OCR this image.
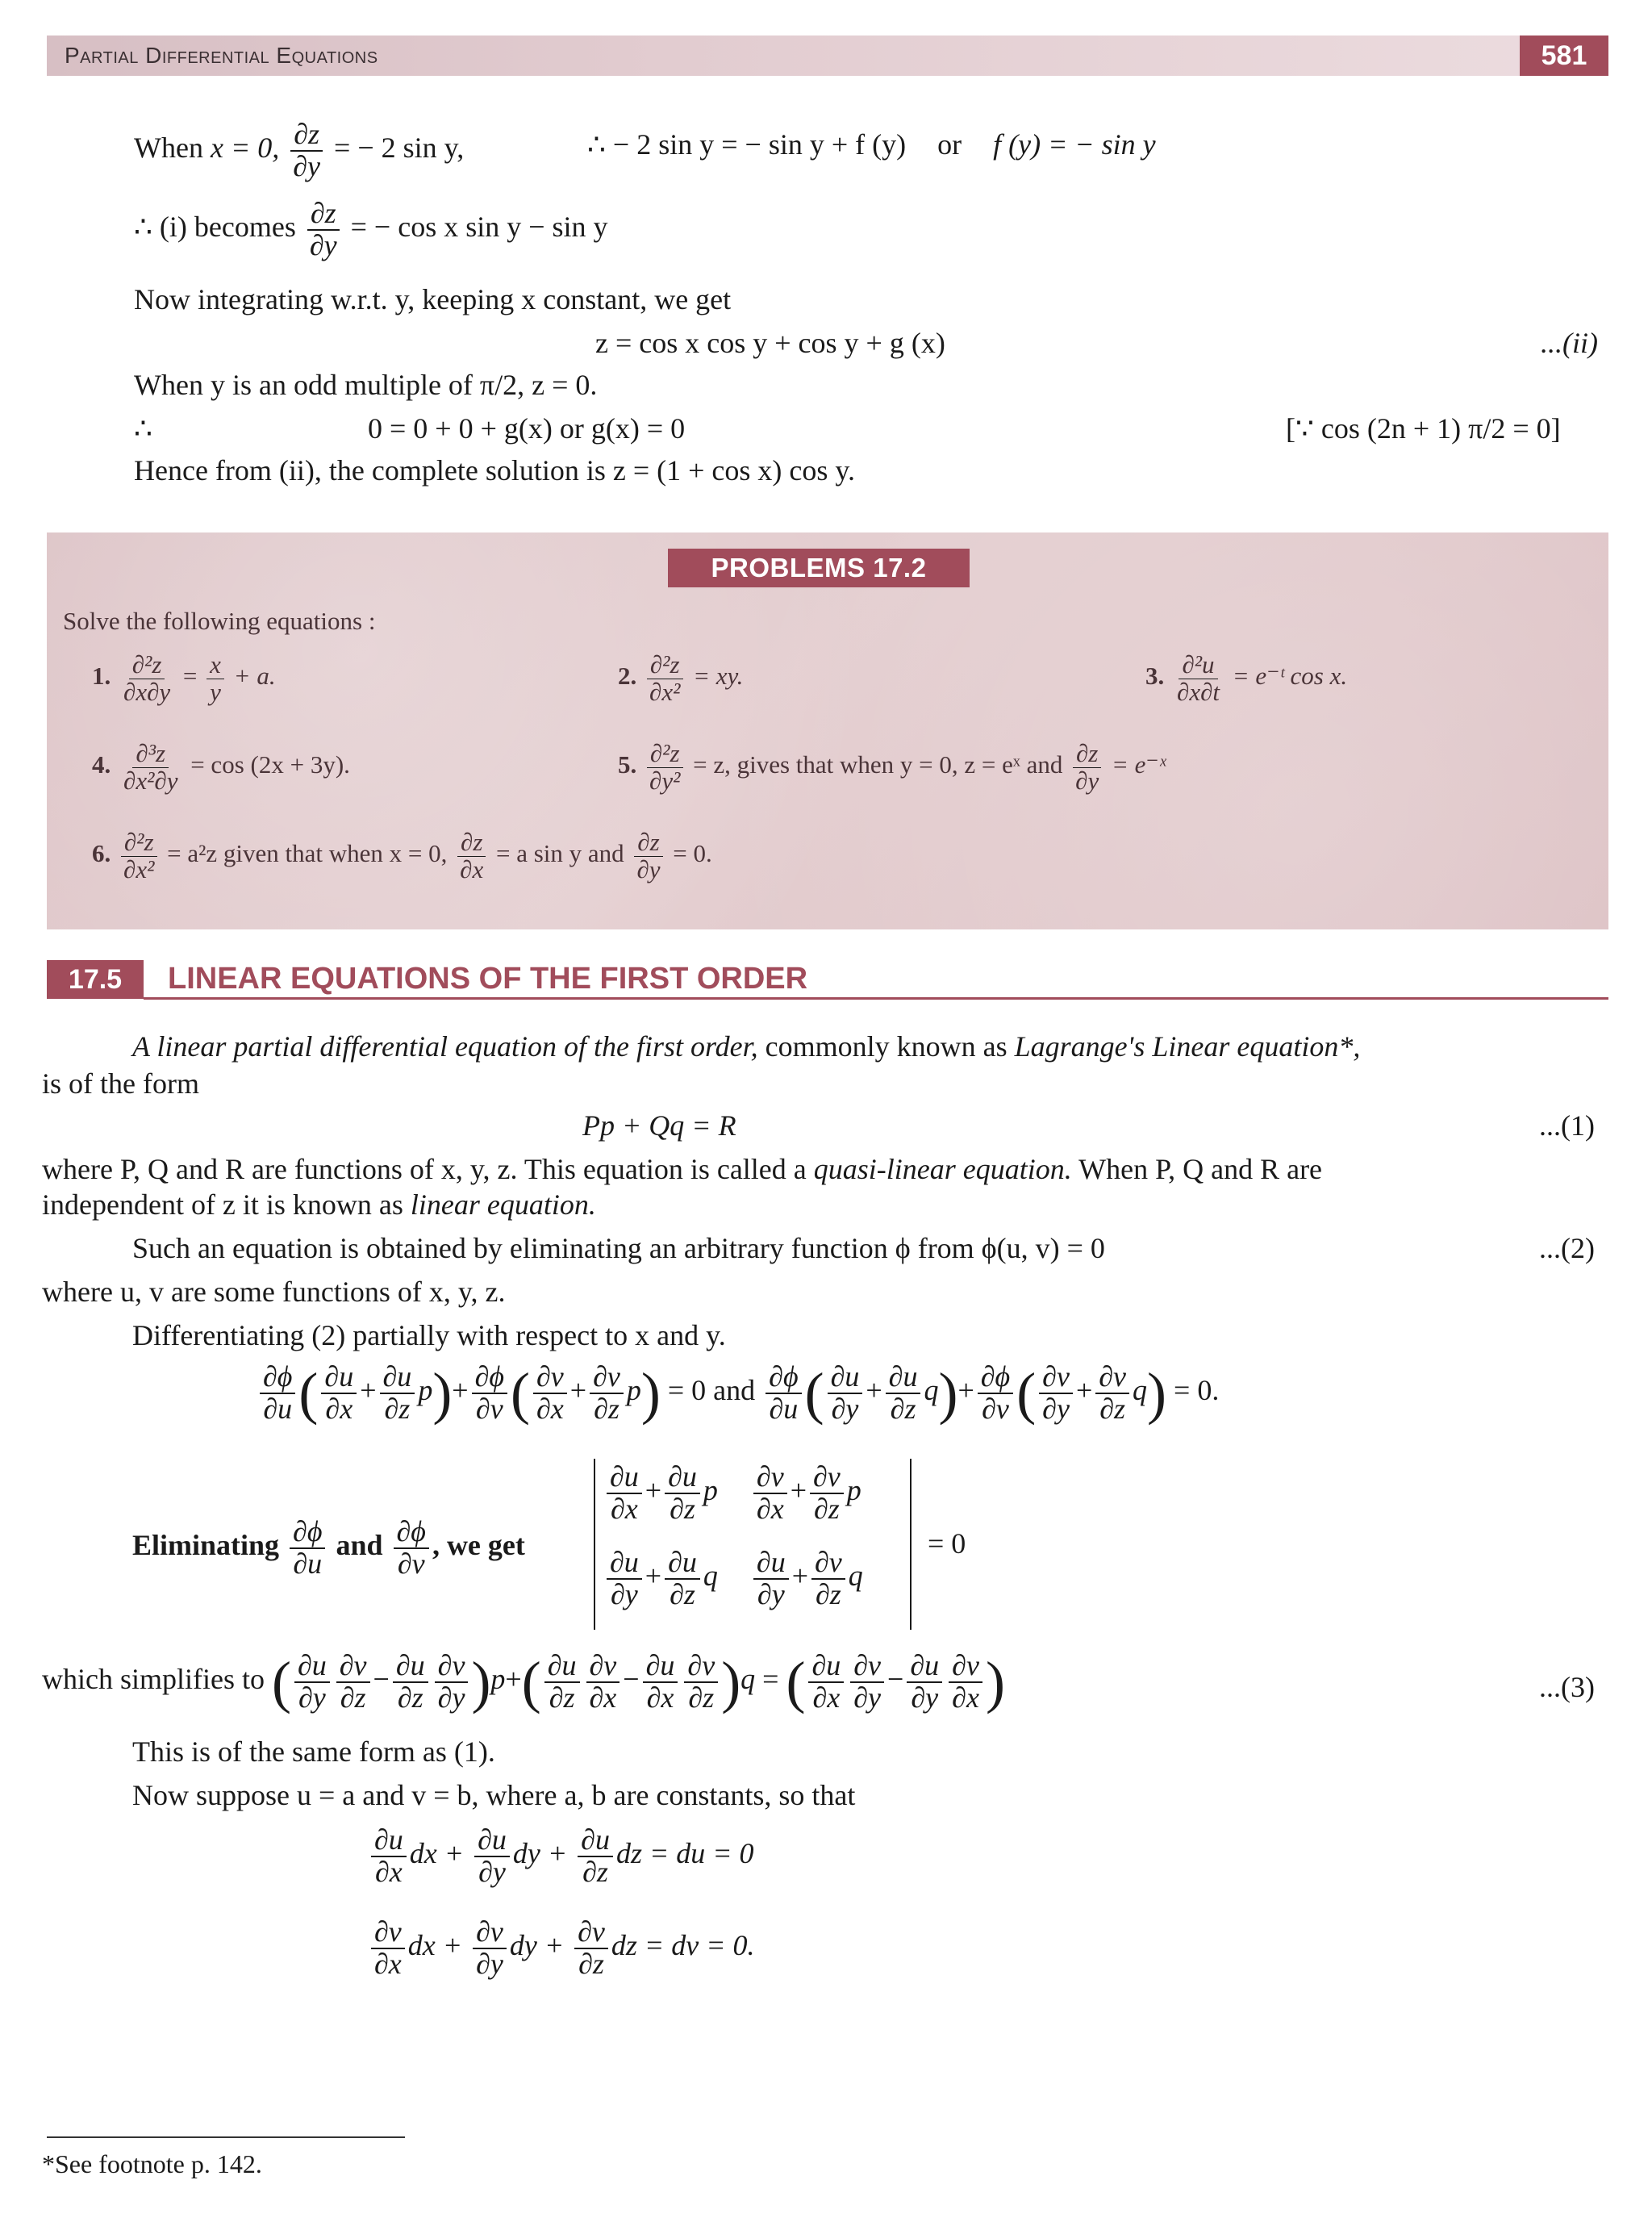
Partial Differential Equations	581
When x = 0, $\frac{\partial z}{\partial y}$ = − 2 sin y,	∴ − 2 sin y = − sin y + f (y) or f (y) = − sin y
∴ (i) becomes $\frac{\partial z}{\partial y}$ = − cos x sin y − sin y
Now integrating w.r.t. y, keeping x constant, we get
z = cos x cos y + cos y + g (x)	...(ii)
When y is an odd multiple of π/2, z = 0.
∴	0 = 0 + 0 + g(x) or g(x) = 0	[∵ cos (2n + 1) π/2 = 0]
Hence from (ii), the complete solution is z = (1 + cos x) cos y.
PROBLEMS 17.2
Solve the following equations :
1. $\frac{\text{∂²z}}{\partial x\partial y} = \frac{x}{y} + a$.	2. $\frac{\text{∂²z}}{\text{∂x²}}$ = xy.	3. $\frac{\text{∂²u}}{\partial x\partial t}$ = e⁻ᵗ cos x.
4. $\frac{\text{∂³z}}{\text{∂x²∂y}} = \cos (2x + 3y)$.	5. $\frac{\text{∂²z}}{\text{∂y²}} = z$, gives that when y = 0, z = eˣ and $\frac{\partial z}{\partial y}$ = e⁻ˣ
6. $\frac{\text{∂²z}}{\text{∂x²}} = a^2z$ given that when x = 0, $\frac{\partial z}{\partial x} = a$ sin y and $\frac{\partial z}{\partial y} = 0$.
17.5	LINEAR EQUATIONS OF THE FIRST ORDER
A linear partial differential equation of the first order, commonly known as Lagrange's Linear equation*,
is of the form
Pp + Qq = R	...(1)
where P, Q and R are functions of x, y, z. This equation is called a quasi-linear equation. When P, Q and R are
independent of z it is known as linear equation.
Such an equation is obtained by eliminating an arbitrary function ϕ from ϕ(u, v) = 0	...(2)
where u, v are some functions of x, y, z.
Differentiating (2) partially with respect to x and y.
$\frac{\partial\phi}{\partial u}$ ( $\frac{\partial u}{\partial x} + \frac{\partial u}{\partial z} p)+ \frac{\partial\phi}{\partial v}$ ( $\frac{\partial v}{\partial x} + \frac{\partial v}{\partial z} p) = 0$ and $\frac{\partial\phi}{\partial u}$ ( $\frac{\partial u}{\partial y} + \frac{\partial u}{\partial z} q)+ \frac{\partial\phi}{\partial v}$ ( $\frac{\partial v}{\partial y} + \frac{\partial v}{\partial z} q) = 0$.
Eliminating $\frac{\partial\phi}{\partial u}$ and $\frac{\partial\phi}{\partial v}$ , we get
$\frac{\partial u}{\partial x} + \frac{\partial u}{\partial z}$ p $\frac{\partial v}{\partial x} + \frac{\partial v}{\partial z}$ p
$\frac{\partial u}{\partial y} + \frac{\partial u}{\partial z}$ q $\frac{\partial u}{\partial y} + \frac{\partial v}{\partial z}$ q
= 0
which simplifies to ( $\frac{\partial u}{\partial y} \frac{\partial v}{\partial z} - \frac{\partial u}{\partial z} \frac{\partial v}{\partial y} )p+( \frac{\partial u}{\partial z} \frac{\partial v}{\partial x} - \frac{\partial u}{\partial x} \frac{\partial v}{\partial z} )q$ = ( $\frac{\partial u}{\partial x} \frac{\partial v}{\partial y} - \frac{\partial u}{\partial y} \frac{\partial v}{\partial x}$ )	...(3)
This is of the same form as (1).
Now suppose u = a and v = b, where a, b are constants, so that
$\frac{\partial u}{\partial x}$ dx + $\frac{\partial u}{\partial y}$ dy + $\frac{\partial u}{\partial z}$ dz = du = 0
$\frac{\partial v}{\partial x}$ dx + $\frac{\partial v}{\partial y}$ dy + $\frac{\partial v}{\partial z}$ dz = dv = 0.
*See footnote p. 142.
